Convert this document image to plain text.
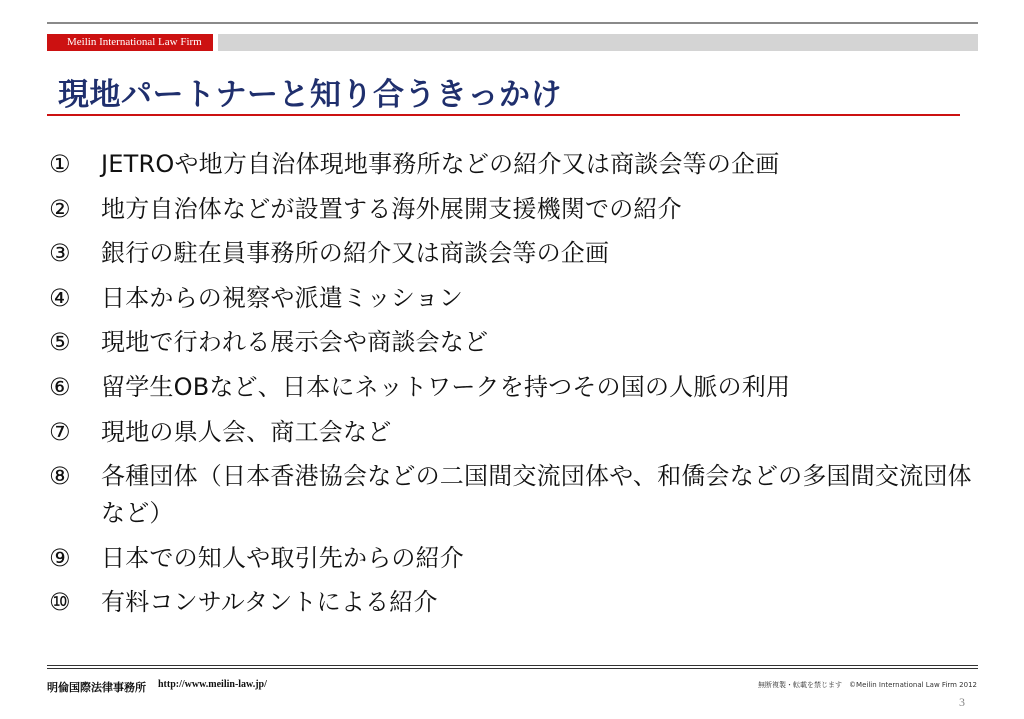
Meilin International Law Firm
現地パートナーと知り合うきっかけ
①	JETROや地方自治体現地事務所などの紹介又は商談会等の企画
②	地方自治体などが設置する海外展開支援機関での紹介
③	銀行の駐在員事務所の紹介又は商談会等の企画
④	日本からの視察や派遣ミッション
⑤	現地で行われる展示会や商談会など
⑥	留学生OBなど、日本にネットワークを持つその国の人脈の利用
⑦	現地の県人会、商工会など
⑧	各種団体（日本香港協会などの二国間交流団体や、和僑会などの多国間交流団体など）
⑨	日本での知人や取引先からの紹介
⑩	有料コンサルタントによる紹介
明倫国際法律事務所 http://www.meilin-law.jp/	無断複製・転載を禁じます　©Meilin International Law Firm 2012
3
